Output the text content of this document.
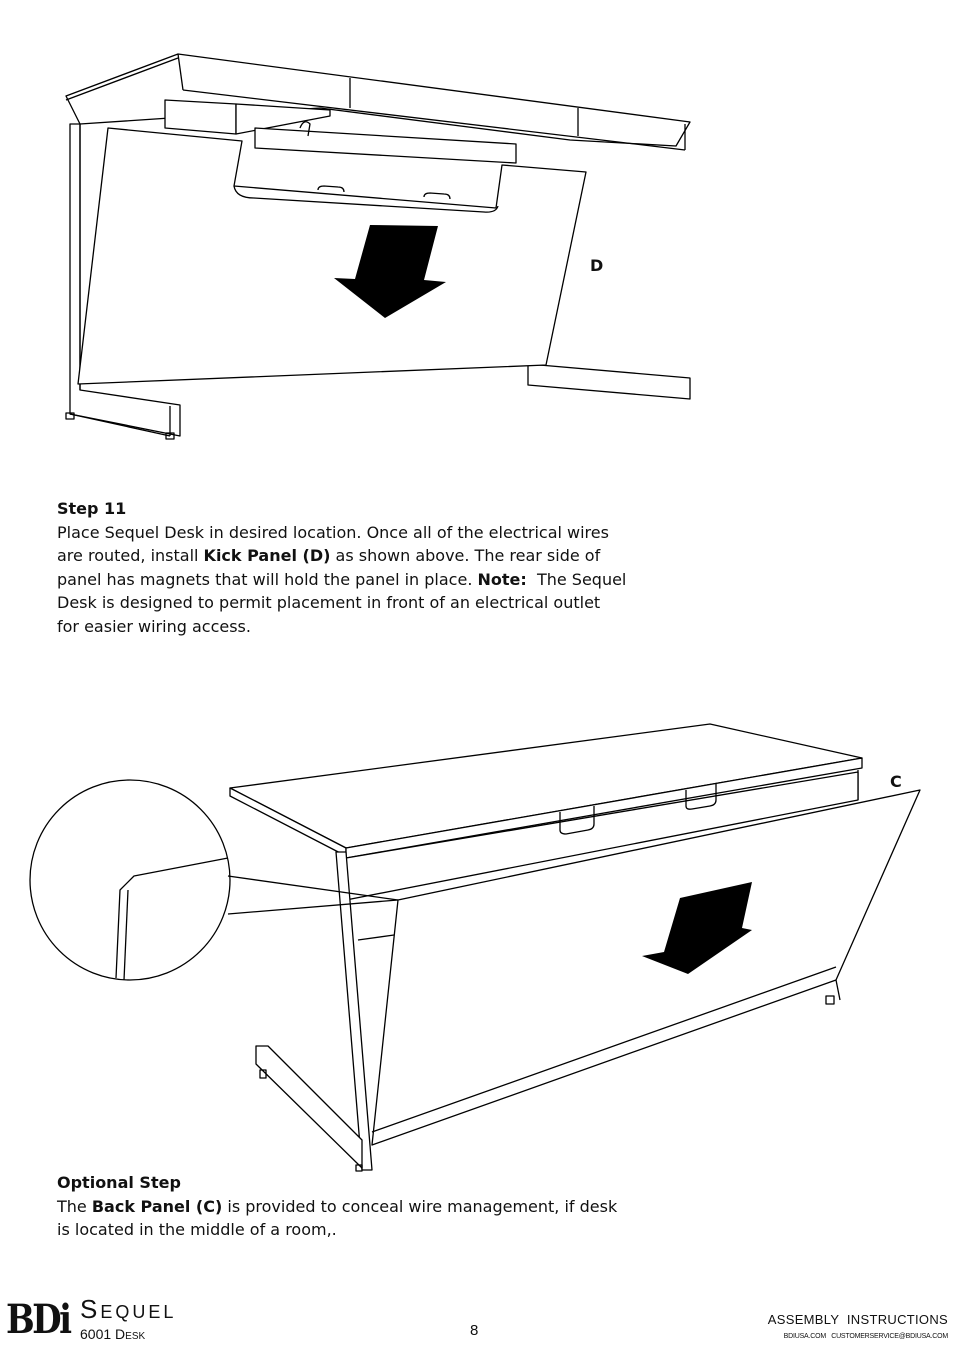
D
Step 11
Place Sequel Desk in desired location. Once all of the electrical wires
are routed, install Kick Panel (D) as shown above. The rear side of
panel has magnets that will hold the panel in place. Note:  The Sequel
Desk is designed to permit placement in front of an electrical outlet
for easier wiring access.
C
Optional Step
The Back Panel (C) is provided to conceal wire management, if desk
is located in the middle of a room,.
BDi Sequel
6001 Desk	8
ASSEMBLY  INSTRUCTIONS
BDIUSA.COM   CUSTOMERSERVICE@BDIUSA.COM
